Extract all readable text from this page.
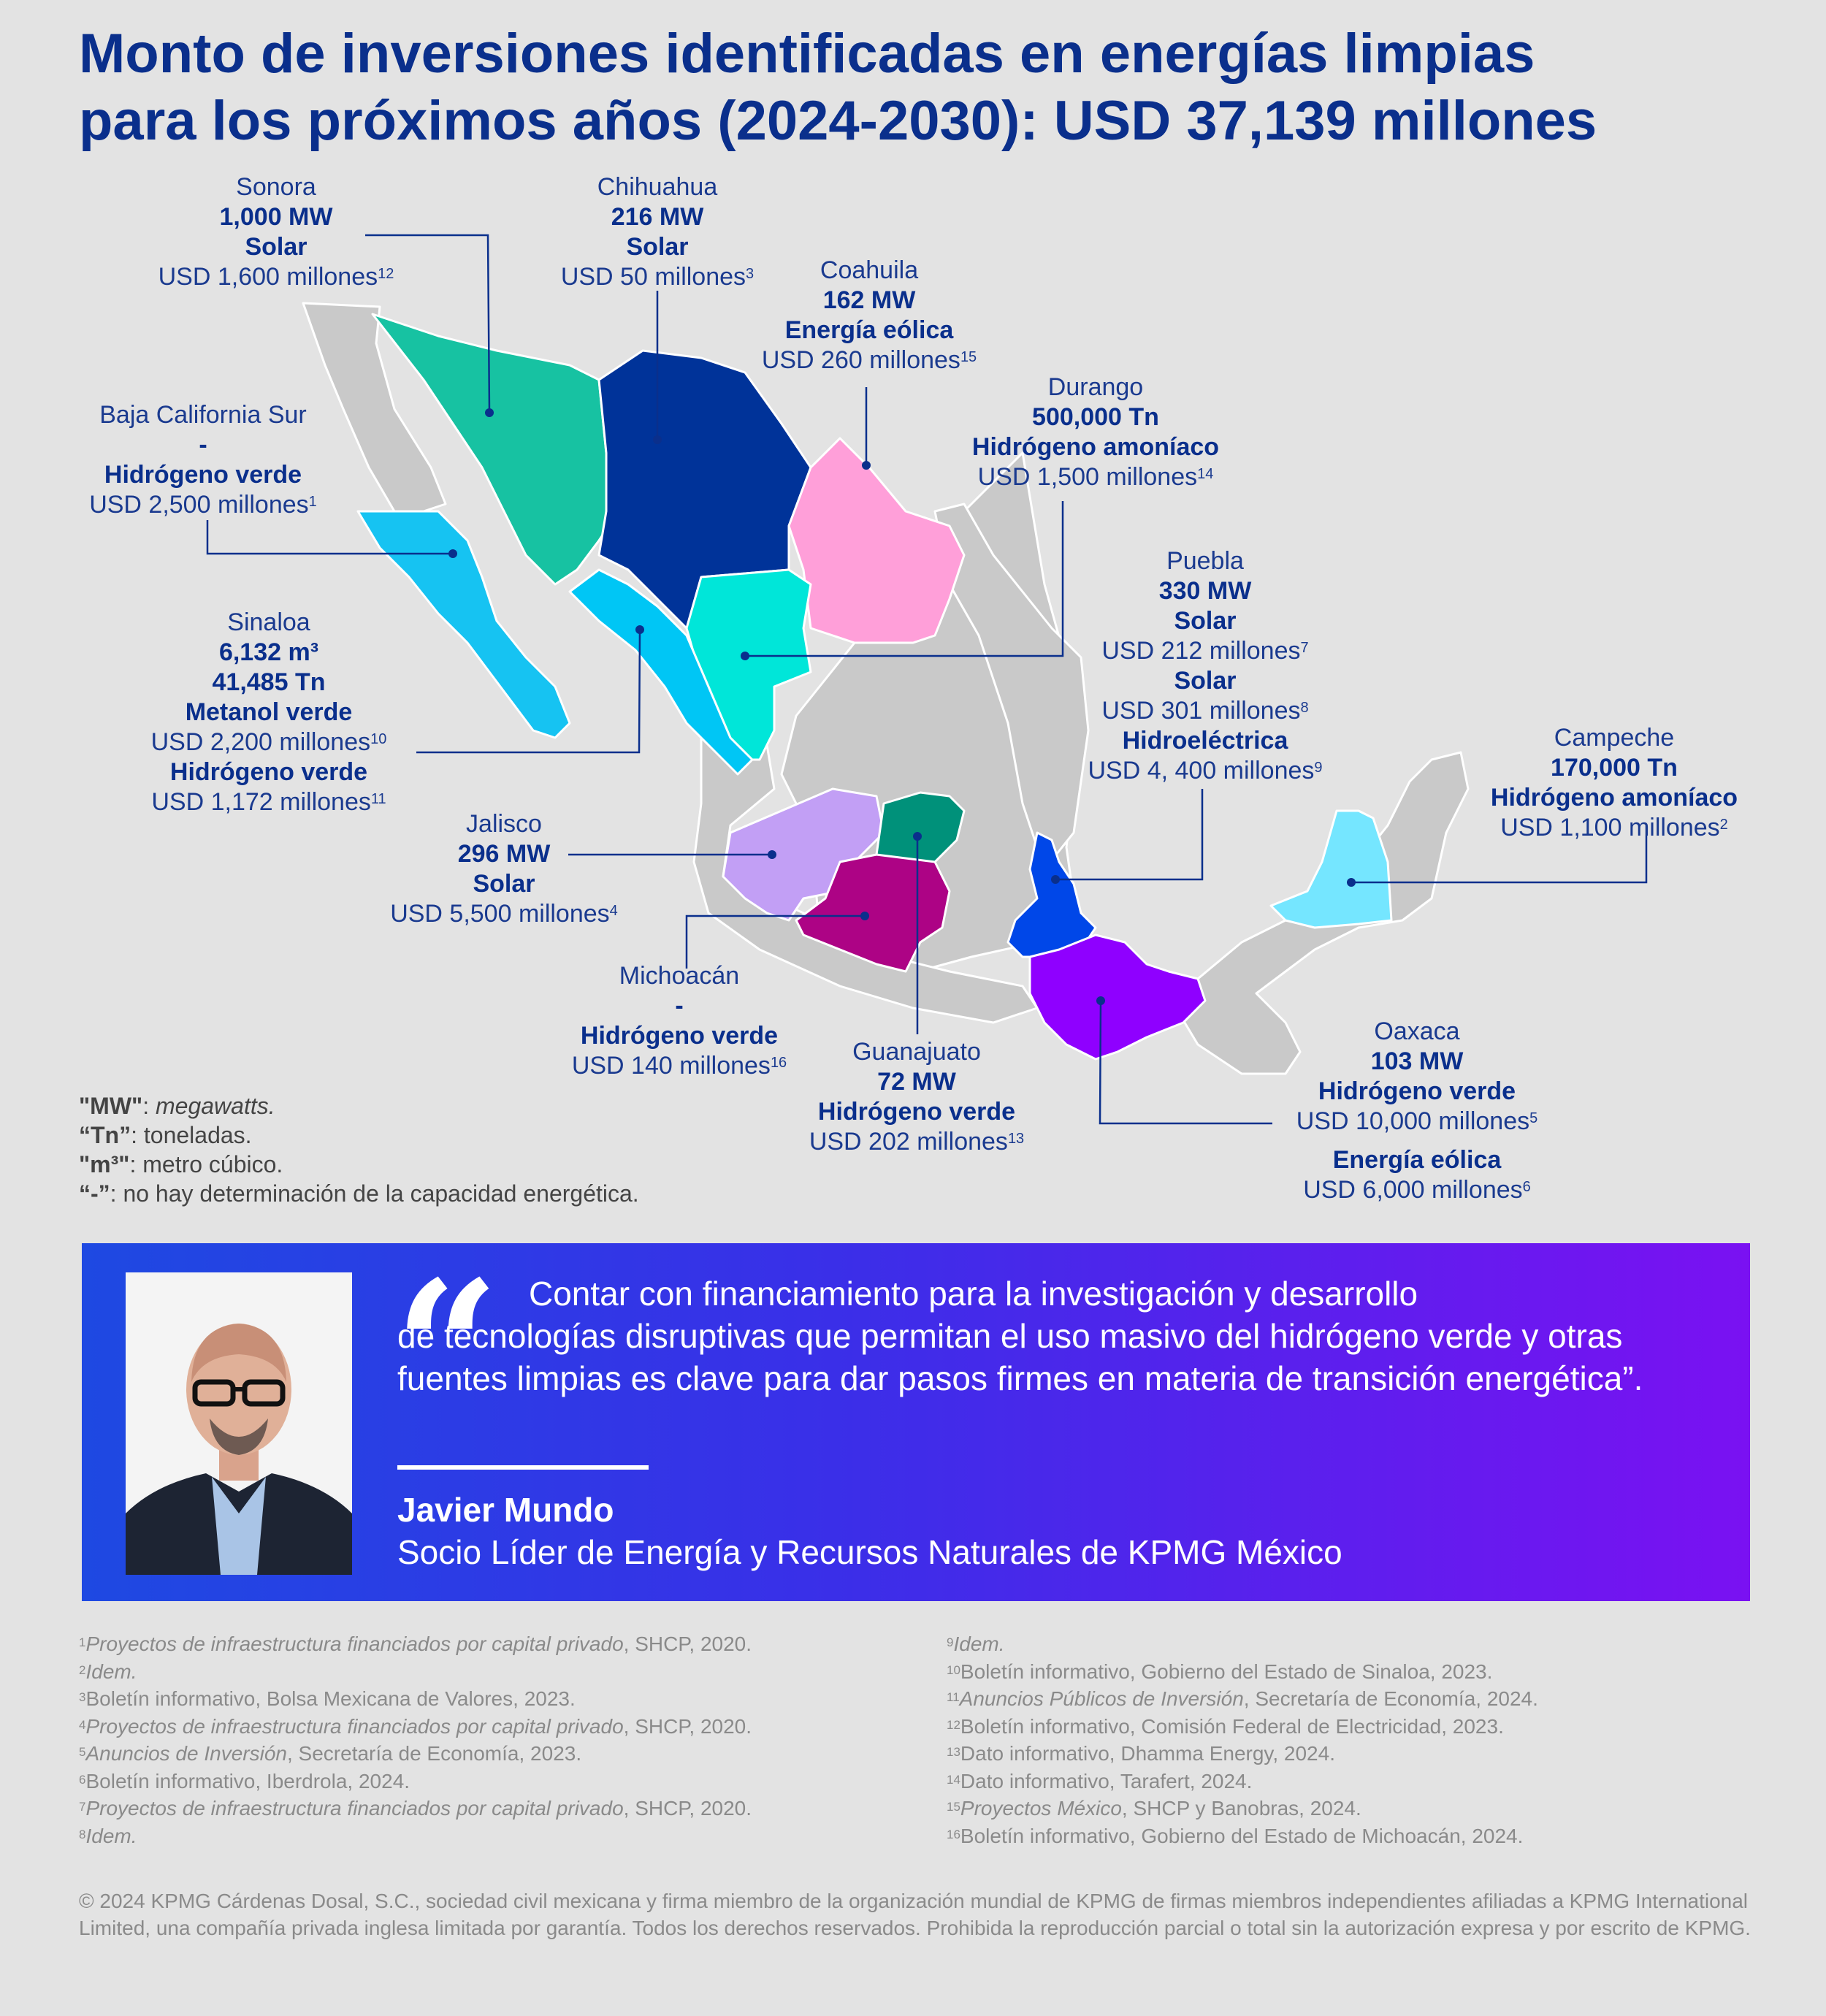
Monto de inversiones identificadas en energías limpias
para los próximos años (2024-2030): USD 37,139 millones
Sonora
1,000 MW
Solar
USD 1,600 millones$^{12}$
Chihuahua
216 MW
Solar
USD 50 millones$^3$	Coahuila
162 MW
Energía eólica
USD 260 millones$^{15}$
Durango
500,000 Tn
Hidrógeno amoníaco
USD 1,500 millones$^{14}$
Baja California Sur
-
Hidrógeno verde
USD 2,500 millones$^1$
Sinaloa
6,132 m³
41,485 Tn
Metanol verde
USD 2,200 millones$^{10}$
Hidrógeno verde
USD 1,172 millones$^{11}$
Puebla
330 MW
Solar
USD 212 millones$^7$
Solar
USD 301 millones$^8$
Hidroeléctrica
USD 4, 400 millones$^9$
Campeche
170,000 Tn
Hidrógeno amoníaco
USD 1,100 millones$^2$
Jalisco
296 MW
Solar
USD 5,500 millones$^4$
Michoacán
-
Hidrógeno verde
USD 140 millones$^{16}$	Guanajuato
72 MW
Hidrógeno verde
USD 202 millones$^{13}$
Oaxaca
103 MW
Hidrógeno verde
USD 10,000 millones$^5$
Energía eólica
USD 6,000 millones$^6$
"MW": megawatts.
“Tn”: toneladas.
"m³": metro cúbico.
“-”: no hay determinación de la capacidad energética.
“ Contar con financiamiento para la investigación y desarrollo
de tecnologías disruptivas que permitan el uso masivo del hidrógeno verde y otras fuentes limpias es clave para dar pasos firmes en materia de transición energética”.
Javier Mundo
Socio Líder de Energía y Recursos Naturales de KPMG México
$^1$Proyectos de infraestructura financiados por capital privado, SHCP, 2020.
$^2$Idem.
$^3$Boletín informativo, Bolsa Mexicana de Valores, 2023.
$^4$Proyectos de infraestructura financiados por capital privado, SHCP, 2020.
$^5$Anuncios de Inversión, Secretaría de Economía, 2023.
$^6$Boletín informativo, Iberdrola, 2024.
$^7$Proyectos de infraestructura financiados por capital privado, SHCP, 2020.
$^8$Idem.
$^9$Idem.
$^{10}$Boletín informativo, Gobierno del Estado de Sinaloa, 2023.
$^{11}$Anuncios Públicos de Inversión, Secretaría de Economía, 2024.
$^{12}$Boletín informativo, Comisión Federal de Electricidad, 2023.
$^{13}$Dato informativo, Dhamma Energy, 2024.
$^{14}$Dato informativo, Tarafert, 2024.
$^{15}$Proyectos México, SHCP y Banobras, 2024.
$^{16}$Boletín informativo, Gobierno del Estado de Michoacán, 2024.
© 2024 KPMG Cárdenas Dosal, S.C., sociedad civil mexicana y firma miembro de la organización mundial de KPMG de firmas miembros independientes afiliadas a KPMG International Limited, una compañía privada inglesa limitada por garantía. Todos los derechos reservados. Prohibida la reproducción parcial o total sin la autorización expresa y por escrito de KPMG.
